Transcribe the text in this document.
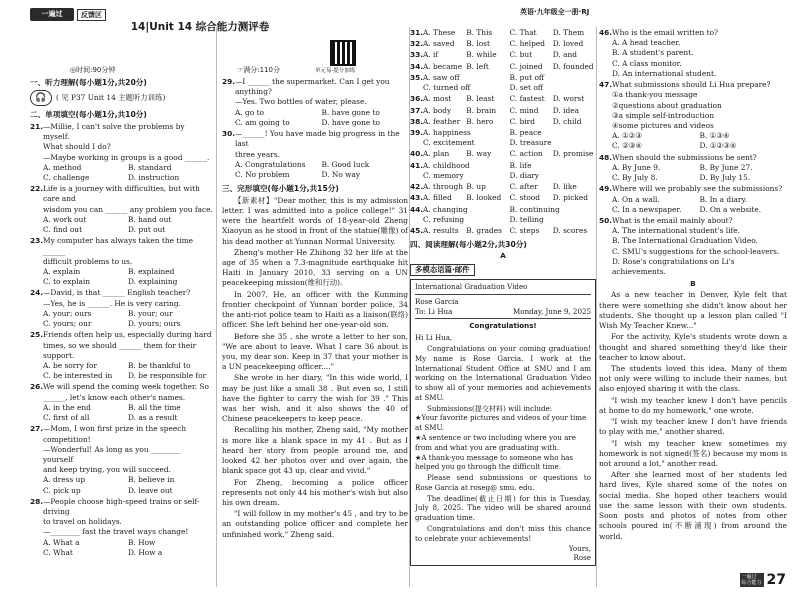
一遍过	反馈区	英语·九年级全一册·RJ
14|Unit 14 综合能力测评卷
单元易·提分加练
◎时间:90分钟	☞满分:110分
一、听力理解(每小题1分,共20分)
🎧 ( 见 P37 Unit 14 主题听力训练)
二、单项填空(每小题1分,共10分)
21. —Millie, I can't solve the problems by myself.
What should I do?
—Maybe working in groups is a good ______.
A. method	B. standard
C. challenge	D. instruction
22. Life is a journey with difficulties, but with care and
wisdom you can ______ any problem you face.
A. work out	B. hand out
C. find out	D. put out
23. My computer has always taken the time ______
difficult problems to us.
A. explain	B. explained
C. to explain	D. explaining
24. —David, is that ______ English teacher?
—Yes, he is ______. He is very caring.
A. your; ours	B. your; our
C. yours; our	D. yours; ours
25. Friends often help us, especially during hard
times, so we should ______ them for their
support.
A. be sorry for	B. be thankful to
C. be interested in	D. be responsible for
26. We will spend the coming week together. So
______, let's know each other's names.
A. in the end	B. all the time
C. first of all	D. as a result
27. —Mom, I won first prize in the speech
competition!
—Wonderful! As long as you ________ yourself
and keep trying, you will succeed.
A. dress up	B. believe in
C. pick up	D. leave out
28. —People choose high-speed trains or self-driving
to travel on holidays.
—________ fast the travel ways change!
A. What a	B. How
C. What	D. How a
29. —I ______ the supermarket. Can I get you
anything?
—Yes. Two bottles of water, please.
A. go to	B. have gone to
C. am going to	D. have gone to
30. —______! You have made big progress in the last
three years.
A. Congratulations	B. Good luck
C. No problem	D. No way
三、完形填空(每小题1分,共15分)
【新素材】"Dear mother, this is my admission letter. I was admitted into a police college!" 31 were the heartfelt words of 18-year-old Zheng Xiaoyun as he stood in front of the statue(雕像) of his dead mother at Yunnan Normal University.
Zheng's mother He Zhihong 32 her life at the age of 35 when a 7.3-magnitude earthquake hit Haiti in January 2010, 33 serving on a UN peacekeeping mission(维和行动).
In 2007, He, an officer with the Kunming frontier checkpoint of Yunnan border police, 34 the anti-riot police team to Haiti as a liaison(联络) officer. She left behind her one-year-old son.
Before she 35 , she wrote a letter to her son, "We are about to leave. What I care 36 about is you, my dear son. Keep in 37 that your mother is a UN peacekeeping officer...."
She wrote in her diary, "In this wide world, I may be just like a small 38 . But even so, I still have the fighter to carry the wish for 39 ." This was her wish, and it also shows the 40 of Chinese peacekeepers to keep peace.
Recalling his mother, Zheng said, "My mother is more like a blank space in my 41 . But as I heard her story from people around me, and looked 42 her photos over and over again, the blank space got 43 up, clear and vivid."
For Zheng, becoming a police officer represents not only 44 his mother's wish but also his own dream.
"I will follow in my mother's 45 , and try to be an outstanding police officer and complete her unfinished work," Zheng said.
31. A. These	B. This	C. That	D. Them
32. A. saved	B. lost	C. helped	D. loved
33. A. if	B. while	C. but	D. and
34. A. became B. left	C. joined	D. founded
35. A. saw off	B. put off
C. turned off	D. set off
36. A. most	B. least	C. fastest	D. worst
37. A. body	B. brain	C. mind	D. idea
38. A. feather B. hero	C. bird	D. child
39. A. happiness	B. peace
C. excitement	D. treasure
40. A. plan	B. way	C. action	D. promise
41. A. childhood	B. life
C. memory	D. diary
42. A. through B. up	C. after	D. like
43. A. filled	B. looked	C. stood	D. picked
44. A. changing	B. continuing
C. refusing	D. telling
45. A. results	B. grades	C. steps	D. scores
四、阅读理解(每小题2分,共30分)
A
多模态语篇·邮件
International Graduation Video
Rose Garcia
To: Li Hua	Monday, June 9, 2025
Congratulations!
Hi Li Hua,
Congratulations on your coming graduation! My name is Rose Garcia. I work at the International Student Office at SMU and I am working on the International Graduation Video to show all of your memories and achievements at SMU.
Submissions(提交材料) will include:
★Your favorite pictures and videos of your time at SMU.
★A sentence or two including where you are from and what you are graduating with.
★A thank-you message to someone who has helped you go through the difficult time.
Please send submissions or questions to Rose Garcia at roseg@ smu. edu.
The deadline(截止日期) for this is Tuesday, July 8, 2025. The video will be shared around graduation time.
Congratulations and don't miss this chance to celebrate your achievements!
Yours,
Rose
46. Who is the email written to?
A. A head teacher.
B. A student's parent.
C. A class monitor.
D. An international student.
47. What submissions should Li Hua prepare?
①a thank-you message
②questions about graduation
③a simple self-introduction
④some pictures and videos
A. ①②③	B. ①③④
C. ②③④	D. ①②③④
48. When should the submissions be sent?
A. By June 9.	B. By June 27.
C. By July 8.	D. By July 15.
49. Where will we probably see the submissions?
A. On a wall.	B. In a diary.
C. In a newspaper.	D. On a website.
50. What is the email mainly about?
A. The international student's life.
B. The International Graduation Video.
C. SMU's suggestions for the school-leavers.
D. Rose's congratulations on Li's achievements.
B
As a new teacher in Denver, Kyle felt that there were something she didn't know about her students. She thought up a lesson plan called "I Wish My Teacher Knew..."
For the activity, Kyle's students wrote down a thought and shared something they'd like their teacher to know about.
The students loved this idea. Many of them not only were willing to include their names, but also enjoyed sharing it with the class.
"I wish my teacher knew I don't have pencils at home to do my homework," one wrote.
"I wish my teacher knew I don't have friends to play with me," another shared.
"I wish my teacher knew sometimes my homework is not signed(签名) because my mom is not around a lot," another read.
After she learned most of her students led hard lives, Kyle shared some of the notes on social media. She hoped other teachers would use the same lesson with their own students. Soon posts and photos of notes from other schools poured in(不断涌现) from around the world.
一遍过
综合能力 27
